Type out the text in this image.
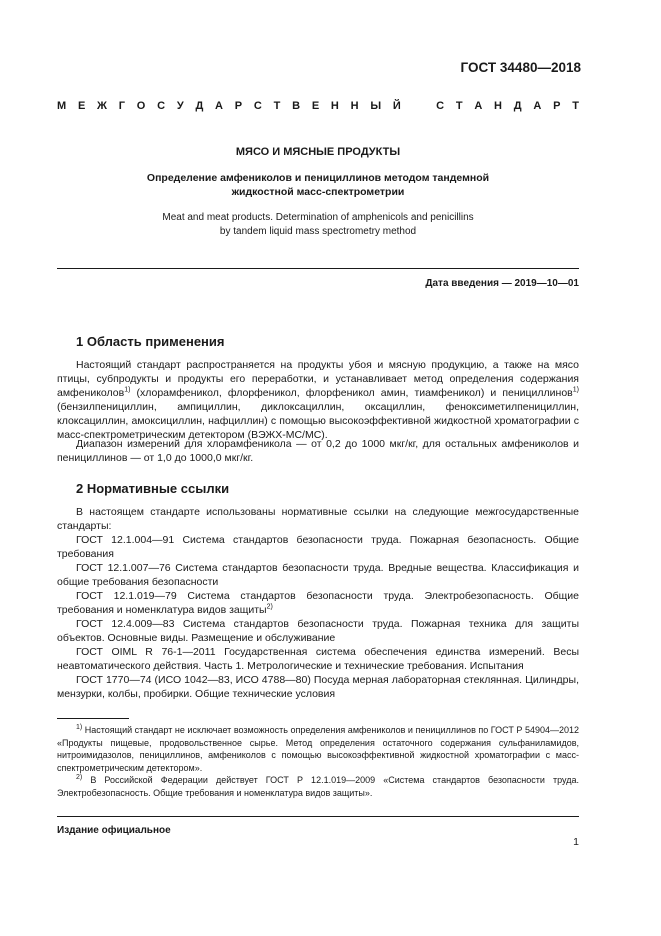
ГОСТ 34480—2018
М Е Ж Г О С У Д А Р С Т В Е Н Н Ы Й	С Т А Н Д А Р Т
МЯСО И МЯСНЫЕ ПРОДУКТЫ
Определение амфениколов и пенициллинов методом тандемной
жидкостной масс-спектрометрии
Meat and meat products. Determination of amphenicols and penicillins
by tandem liquid mass spectrometry method
Дата введения — 2019—10—01
1 Область применения
Настоящий стандарт распространяется на продукты убоя и мясную продукцию, а также на мясо птицы, субпродукты и продукты его переработки, и устанавливает метод определения содержания амфениколов$^{1)}$ (хлорамфеникол, флорфеникол, флорфеникол амин, тиамфеникол) и пенициллинов$^{1)}$ (бензилпенициллин, ампициллин, диклоксациллин, оксациллин, феноксиметилпенициллин, клоксациллин, амоксициллин, нафциллин) с помощью высокоэффективной жидкостной хроматографии с масс-спектрометрическим детектором (ВЭЖХ-МС/МС).
Диапазон измерений для хлорамфеникола — от 0,2 до 1000 мкг/кг, для остальных амфениколов и пенициллинов — от 1,0 до 1000,0 мкг/кг.
2 Нормативные ссылки
В настоящем стандарте использованы нормативные ссылки на следующие межгосударственные стандарты:
ГОСТ 12.1.004—91 Система стандартов безопасности труда. Пожарная безопасность. Общие требования
ГОСТ 12.1.007—76 Система стандартов безопасности труда. Вредные вещества. Классификация и общие требования безопасности
ГОСТ 12.1.019—79 Система стандартов безопасности труда. Электробезопасность. Общие требования и номенклатура видов защиты$^{2)}$
ГОСТ 12.4.009—83 Система стандартов безопасности труда. Пожарная техника для защиты объектов. Основные виды. Размещение и обслуживание
ГОСТ OIML R 76-1—2011 Государственная система обеспечения единства измерений. Весы неавтоматического действия. Часть 1. Метрологические и технические требования. Испытания
ГОСТ 1770—74 (ИСО 1042—83, ИСО 4788—80) Посуда мерная лабораторная стеклянная. Цилиндры, мензурки, колбы, пробирки. Общие технические условия
$^{1)}$ Настоящий стандарт не исключает возможность определения амфениколов и пенициллинов по ГОСТ Р 54904—2012 «Продукты пищевые, продовольственное сырье. Метод определения остаточного содержания сульфаниламидов, нитроимидазолов, пенициллинов, амфениколов с помощью высокоэффективной жидкостной хроматографии с масс-спектрометрическим детектором».
$^{2)}$ В Российской Федерации действует ГОСТ Р 12.1.019—2009 «Система стандартов безопасности труда. Электробезопасность. Общие требования и номенклатура видов защиты».
Издание официальное
1
